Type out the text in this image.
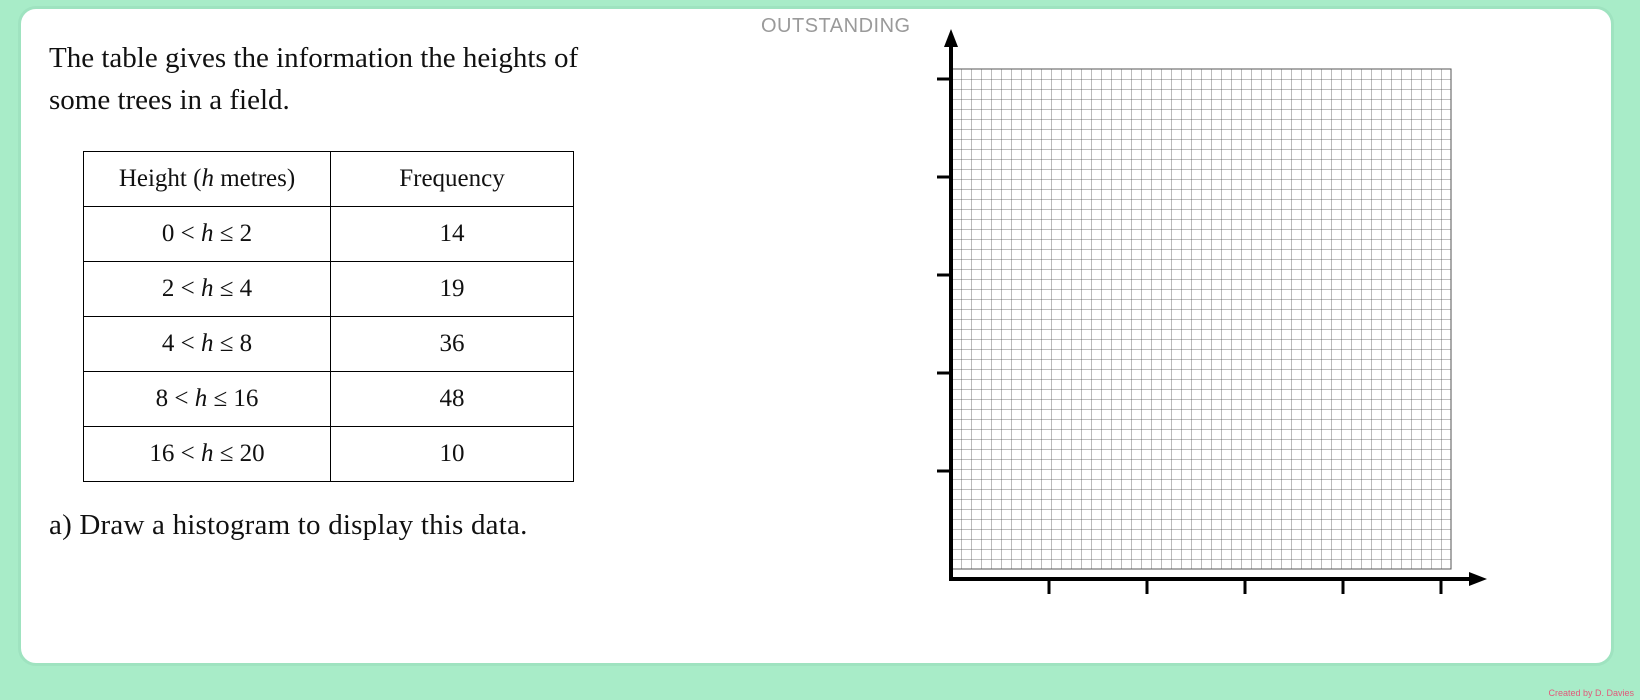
OUTSTANDING
The table gives the information the heights of
some trees in a field.
Height (h metres)	Frequency
0 < h ≤ 2	14
2 < h ≤ 4	19
4 < h ≤ 8	36
8 < h ≤ 16	48
16 < h ≤ 20	10
a) Draw a histogram to display this data.
Created by D. Davies
